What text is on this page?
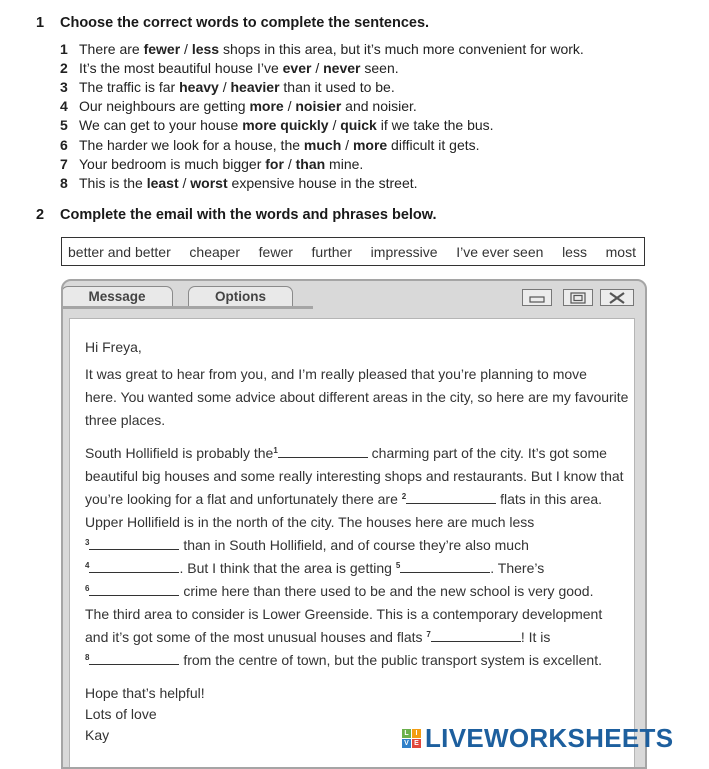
1 Choose the correct words to complete the sentences.
1 There are fewer / less shops in this area, but it’s much more convenient for work.
2 It’s the most beautiful house I’ve ever / never seen.
3 The traffic is far heavy / heavier than it used to be.
4 Our neighbours are getting more / noisier and noisier.
5 We can get to your house more quickly / quick if we take the bus.
6 The harder we look for a house, the much / more difficult it gets.
7 Your bedroom is much bigger for / than mine.
8 This is the least / worst expensive house in the street.
2 Complete the email with the words and phrases below.
better and better cheaper fewer further impressive I’ve ever seen less most
Message	Options
Hi Freya,
It was great to hear from you, and I’m really pleased that you’re planning to move
here. You wanted some advice about different areas in the city, so here are my favourite
three places.
South Hollifield is probably the$^1$	charming part of the city. It’s got some
beautiful big houses and some really interesting shops and restaurants. But I know that
you’re looking for a flat and unfortunately there are $^2$	flats in this area.
Upper Hollifield is in the north of the city. The houses here are much less
$^3$	than in South Hollifield, and of course they’re also much
$^4$	. But I think that the area is getting $^5$	. There’s
$^6$	crime here than there used to be and the new school is very good.
The third area to consider is Lower Greenside. This is a contemporary development
and it’s got some of the most unusual houses and flats $^7$	! It is
$^8$	from the centre of town, but the public transport system is excellent.
Hope that’s helpful!
Lots of love
Kay	L I
V E LIVEWORKSHEETS
